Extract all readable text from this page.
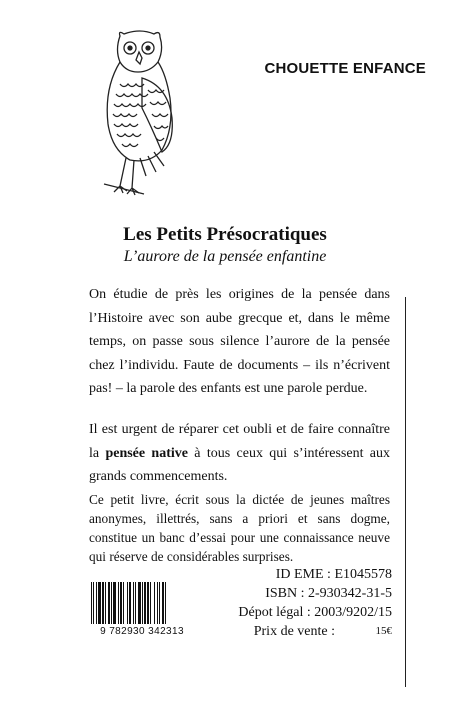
CHOUETTE ENFANCE
Les Petits Présocratiques
L’aurore de la pensée enfantine

On étudie de près les origines de la pensée dans l’Histoire avec son aube grecque et, dans le même temps, on passe sous silence l’aurore de la pensée chez l’individu. Faute de documents – ils n’écrivent pas! – la parole des enfants est une parole perdue.

Il est urgent de réparer cet oubli et de faire connaître la pensée native à tous ceux qui s’intéressent aux grands commencements.

Ce petit livre, écrit sous la dictée de jeunes maîtres anonymes, illettrés, sans a priori et sans dogme, constitue un banc d’essai pour une connaissance neuve qui réserve de considérables surprises.

ID EME : E1045578
ISBN : 2-930342-31-5
Dépot légal : 2003/9202/15
Prix de vente :	15€
9 782930 342313
